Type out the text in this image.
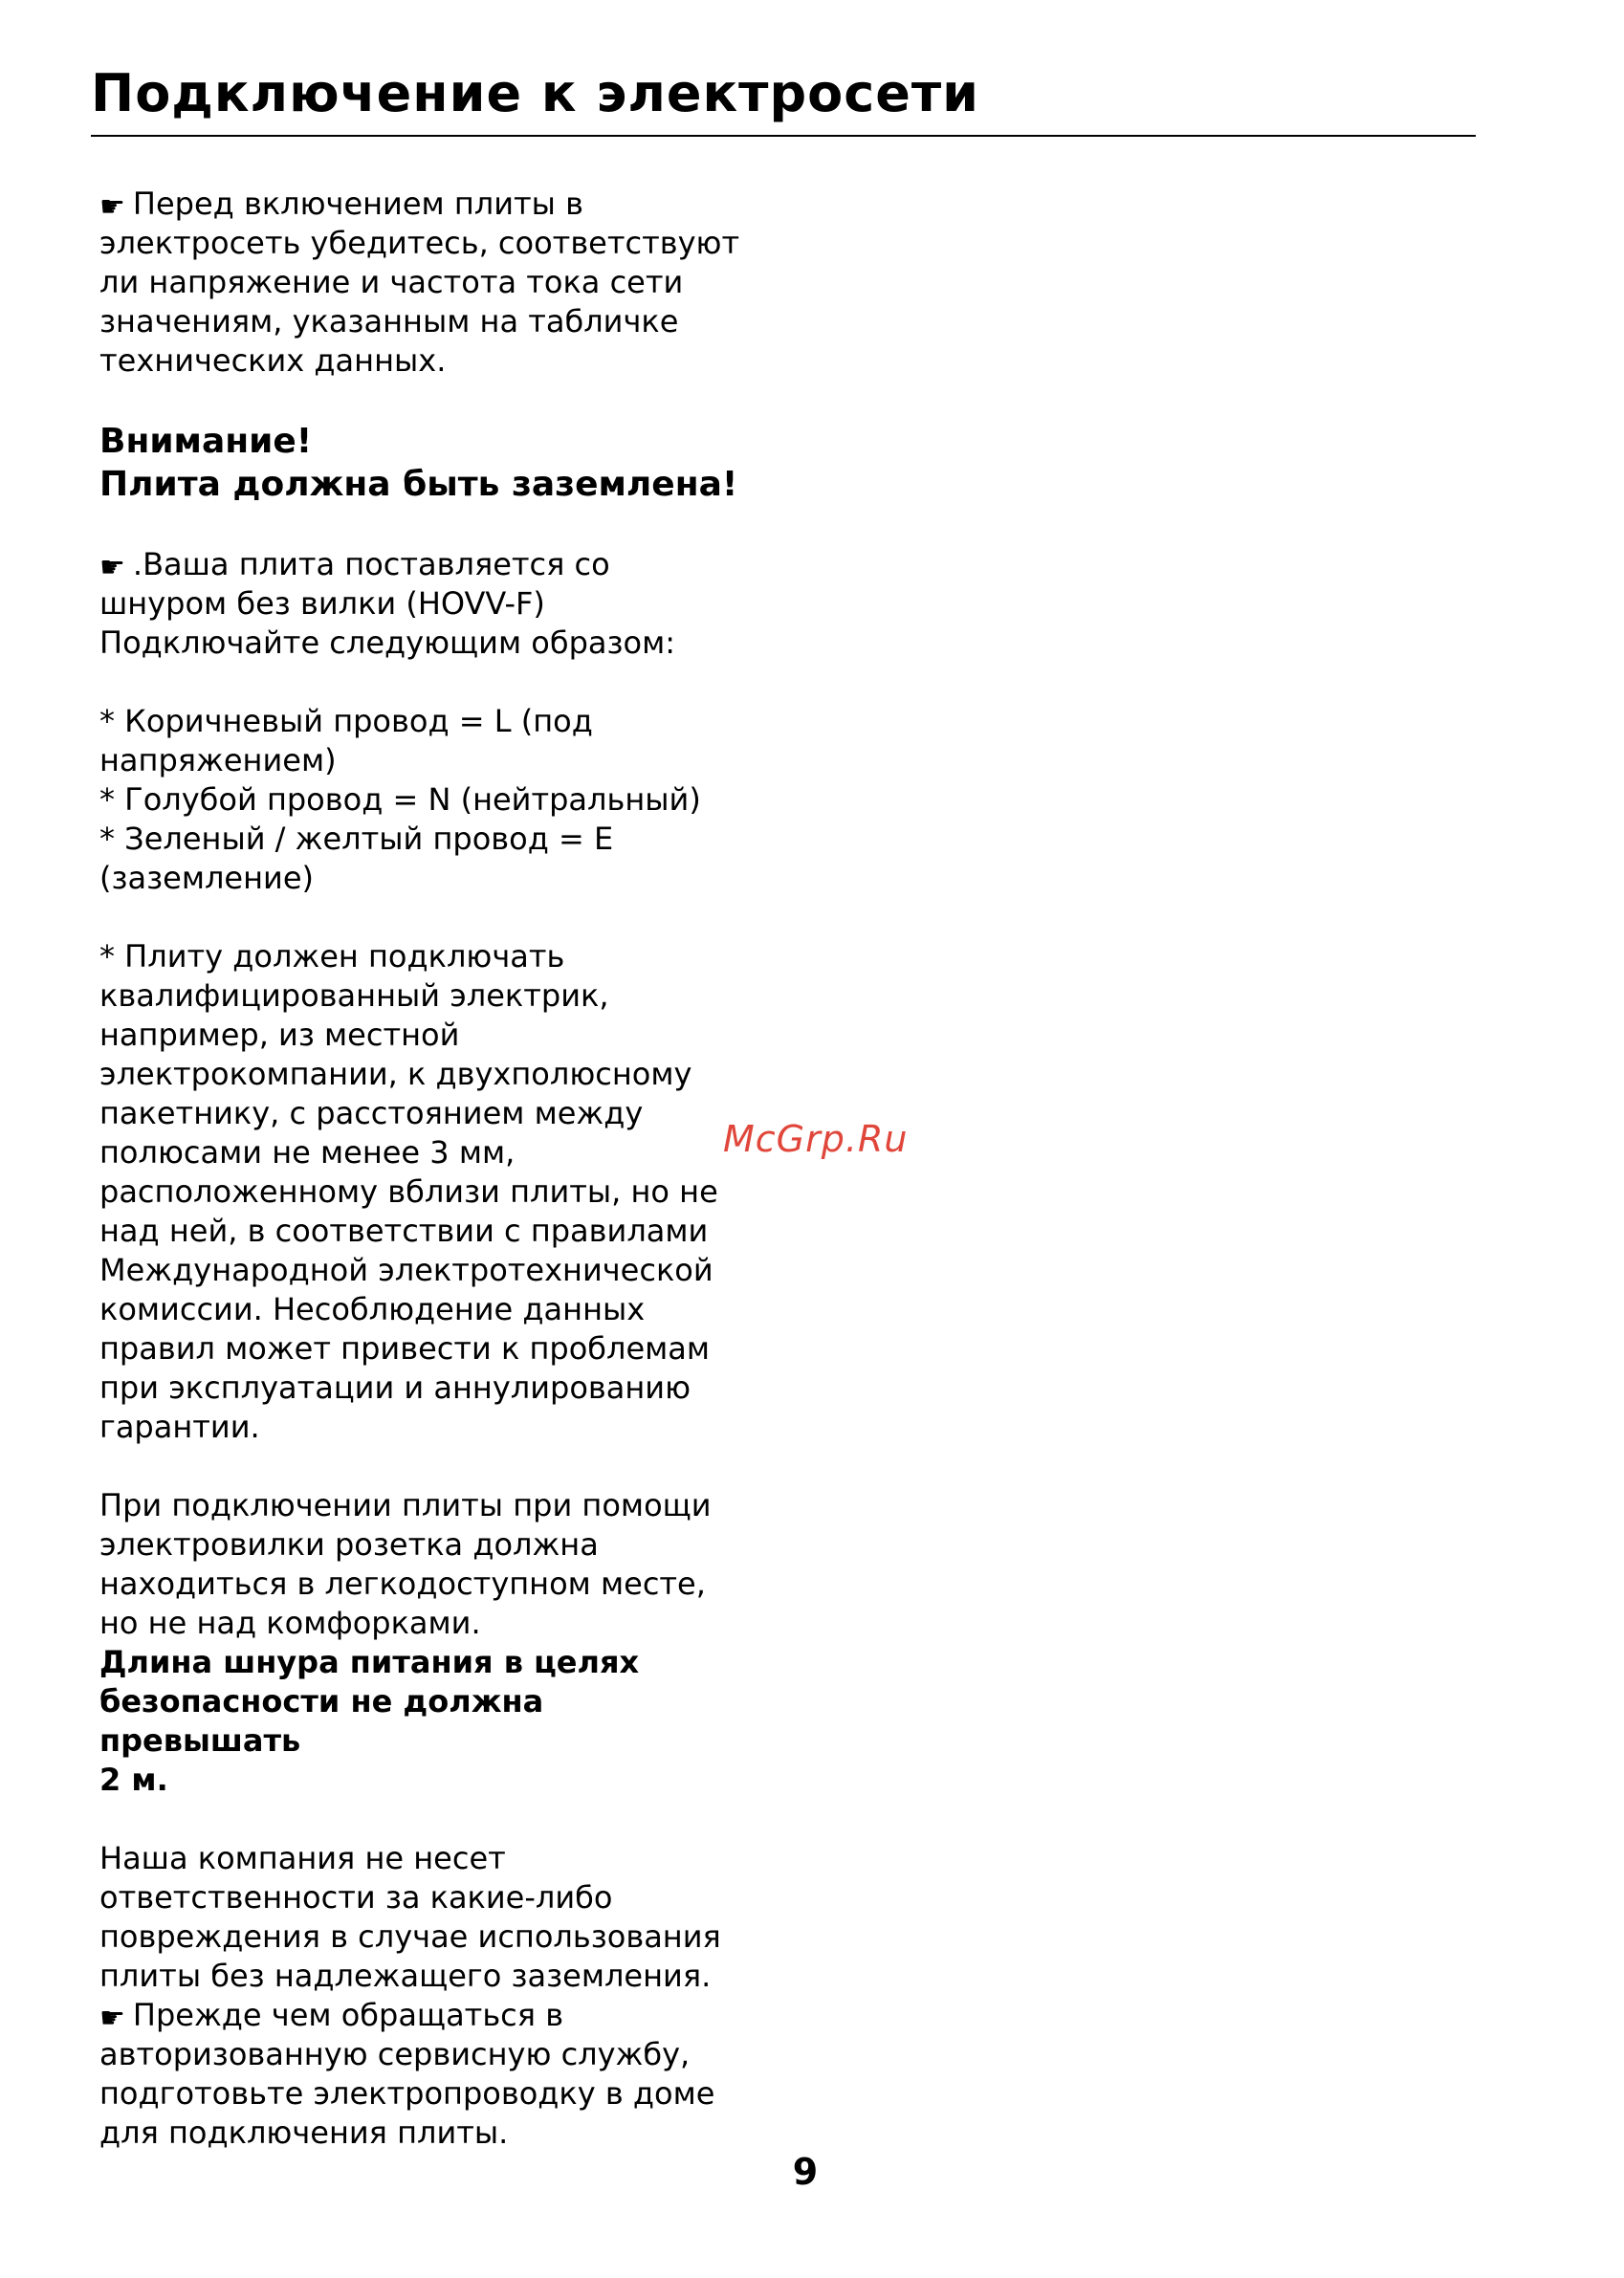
Подключение к электросети

☛ Перед включением плиты в

электросеть убедитесь, соответствуют

ли напряжение и частота тока сети

значениям, указанным на табличке

технических данных.

Внимание!

Плита должна быть заземлена!

☛ .Ваша плита поставляется со

шнуром без вилки (HOVV-F)

Подключайте следующим образом:

* Коричневый провод = L (под

напряжением)

* Голубой провод = N (нейтральный)

* Зеленый / желтый провод = E

(заземление)

* Плиту должен подключать

квалифицированный электрик,

например, из местной

электрокомпании, к двухполюсному

пакетнику, с расстоянием между

полюсами не менее 3 мм,

расположенному вблизи плиты, но не

над ней, в соответствии с правилами

Международной электротехнической

комиссии. Несоблюдение данных

правил может привести к проблемам

при эксплуатации и аннулированию

гарантии.

При подключении плиты при помощи

электровилки розетка должна

находиться в легкодоступном месте,

но не над комфорками.

Длина шнура питания в целях

безопасности не должна превышать

2 м.

Наша компания не несет

ответственности за какие-либо

повреждения в случае использования

плиты без надлежащего заземления.

☛ Прежде чем обращаться в

авторизованную сервисную службу,

подготовьте электропроводку в доме

для подключения плиты.

McGrp.Ru
9
